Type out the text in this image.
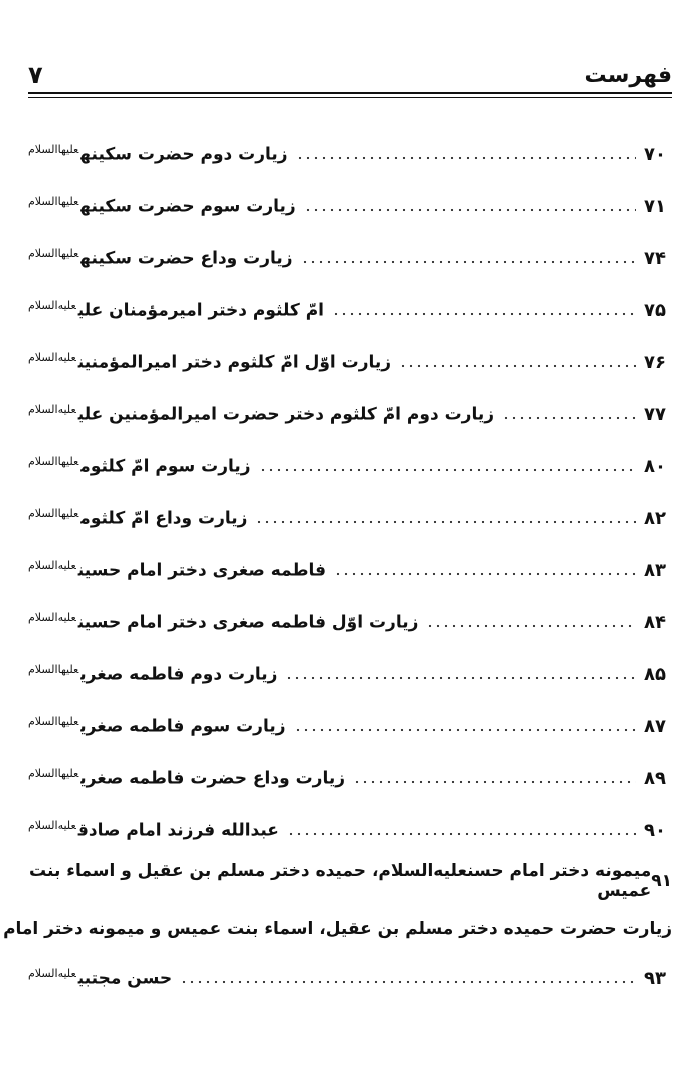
فهرست
۷
زیارت دوم حضرت سکینه$^{علیهاالسلام}$	۷۰
زیارت سوم حضرت سکینه$^{علیهاالسلام}$	۷۱
زیارت وداع حضرت سکینه$^{علیهاالسلام}$	۷۴
امّ کلثوم دختر امیرمؤمنان علی$^{علیه‌السلام}$	۷۵
زیارت اوّل امّ کلثوم دختر امیرالمؤمنین$^{علیه‌السلام}$	۷۶
زیارت دوم امّ کلثوم دختر حضرت امیرالمؤمنین علی$^{علیه‌السلام}$	۷۷
زیارت سوم امّ کلثوم$^{علیهاالسلام}$	۸۰
زیارت وداع امّ کلثوم$^{علیهاالسلام}$	۸۲
فاطمه صغری دختر امام حسین$^{علیه‌السلام}$	۸۳
زیارت اوّل فاطمه صغری دختر امام حسین$^{علیه‌السلام}$	۸۴
زیارت دوم فاطمه صغری$^{علیهاالسلام}$	۸۵
زیارت سوم فاطمه صغری$^{علیهاالسلام}$	۸۷
زیارت وداع حضرت فاطمه صغری$^{علیهاالسلام}$	۸۹
عبدالله فرزند امام صادق$^{علیه‌السلام}$	۹۰
میمونه دختر امام حسنعلیه‌السلام، حمیده دختر مسلم بن عقیل و اسماء بنت عمیس ۹۱
زیارت حضرت حمیده دختر مسلم بن عقیل، اسماء بنت عمیس و میمونه دختر امام
حسن مجتبی$^{علیه‌السلام}$	۹۳
